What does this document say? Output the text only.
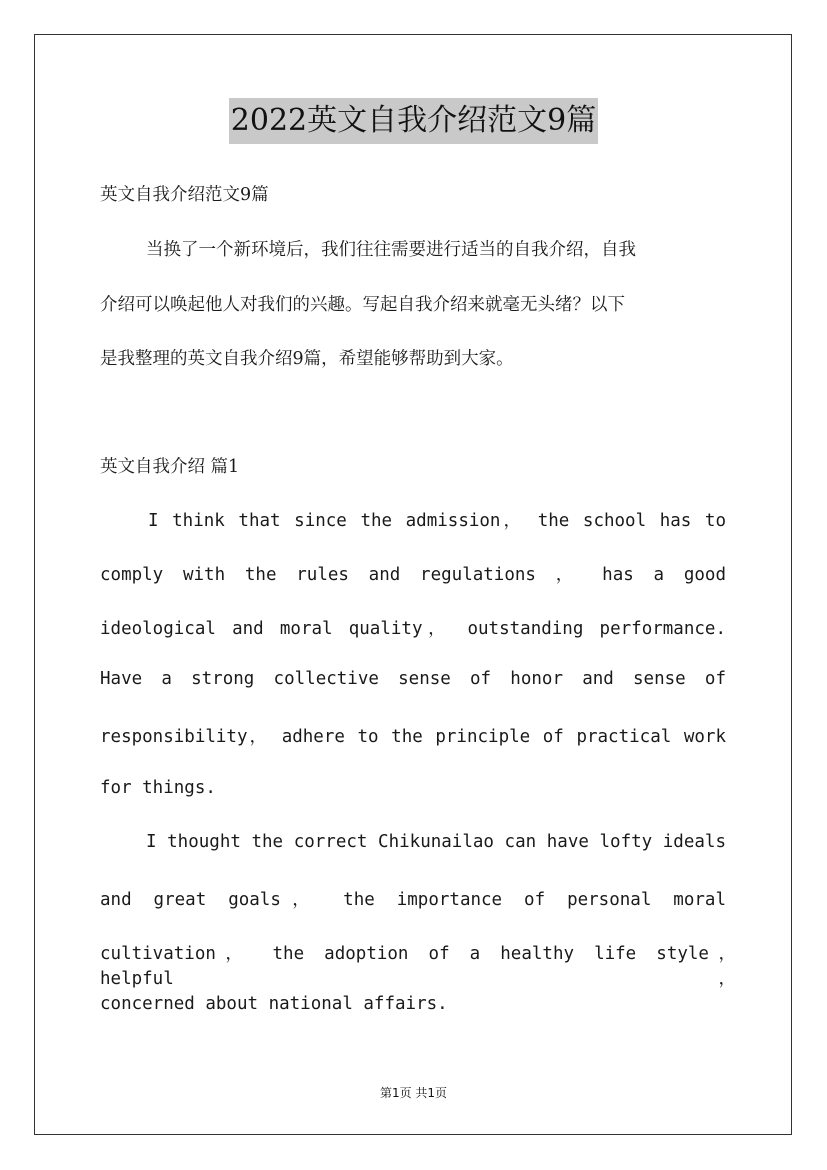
2022英文自我介绍范文9篇
英文自我介绍范文9篇
当换了一个新环境后，我们往往需要进行适当的自我介绍，自我
介绍可以唤起他人对我们的兴趣。写起自我介绍来就毫无头绪？以下
是我整理的英文自我介绍9篇，希望能够帮助到大家。
英文自我介绍 篇1
I think that since the admission， the school has to
comply with the rules and regulations ， has a good
ideological and moral quality， outstanding performance.
Have a strong collective sense of honor and sense of
responsibility， adhere to the principle of practical work
for things.
I thought the correct Chikunailao can have lofty ideals
and great goals， the importance of personal moral
cultivation， the adoption of a healthy life style， helpful，
concerned about national affairs.
第1页 共1页
